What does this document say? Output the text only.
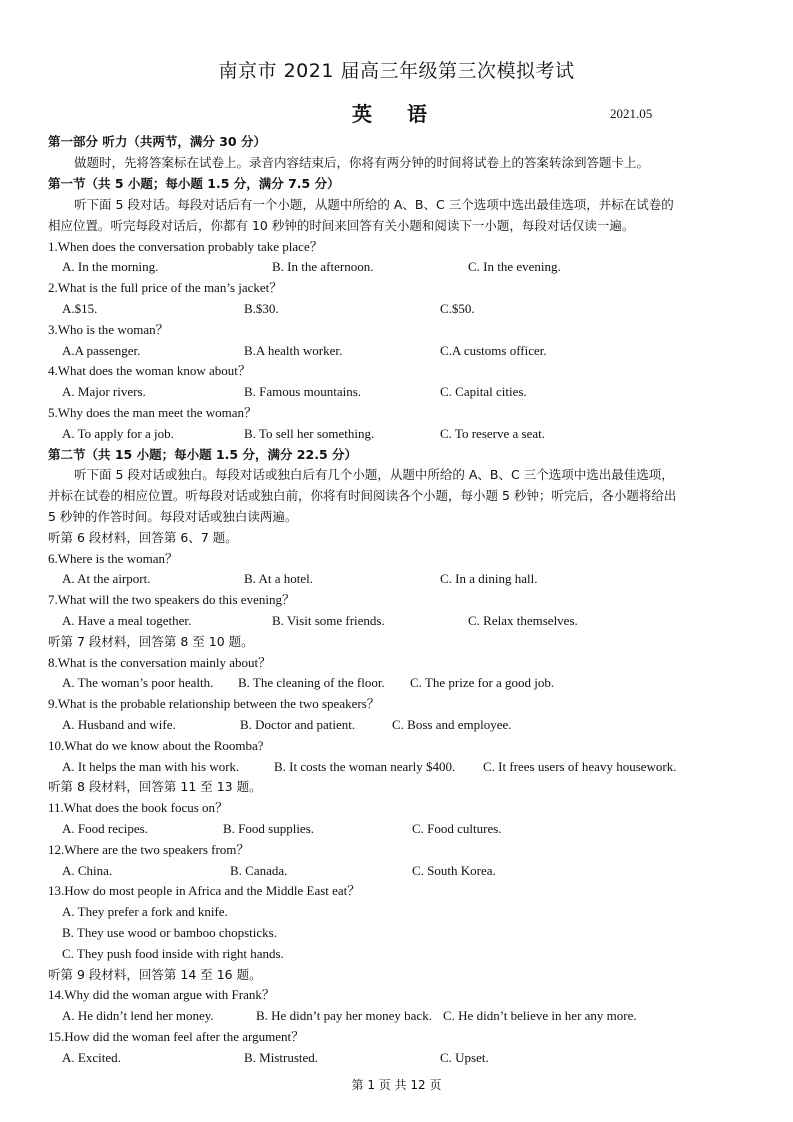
南京市 2021 届高三年级第三次模拟考试
英 语	2021.05
第一部分 听力（共两节，满分 30 分）
做题时，先将答案标在试卷上。录音内容结束后，你将有两分钟的时间将试卷上的答案转涂到答题卡上。
第一节（共 5 小题；每小题 1.5 分，满分 7.5 分）
听下面 5 段对话。每段对话后有一个小题，从题中所给的 A、B、C 三个选项中选出最佳选项，并标在试卷的
相应位置。听完每段对话后，你都有 10 秒钟的时间来回答有关小题和阅读下一小题，每段对话仅读一遍。
1.When does the conversation probably take place？
A. In the morning.	B. In the afternoon.	C. In the evening.
2.What is the full price of the man’s jacket？
A.$15.	B.$30.	C.$50.
3.Who is the woman？
A.A passenger.	B.A health worker.	C.A customs officer.
4.What does the woman know about？
A. Major rivers.	B. Famous mountains.	C. Capital cities.
5.Why does the man meet the woman？
A. To apply for a job.	B. To sell her something.	C. To reserve a seat.
第二节（共 15 小题；每小题 1.5 分，满分 22.5 分）
听下面 5 段对话或独白。每段对话或独白后有几个小题，从题中所给的 A、B、C 三个选项中选出最佳选项，
并标在试卷的相应位置。听每段对话或独白前，你将有时间阅读各个小题，每小题 5 秒钟；听完后，各小题将给出
5 秒钟的作答时间。每段对话或独白读两遍。
听第 6 段材料，回答第 6、7 题。
6.Where is the woman？
A. At the airport.	B. At a hotel.	C. In a dining hall.
7.What will the two speakers do this evening？
A. Have a meal together.	B. Visit some friends.	C. Relax themselves.
听第 7 段材料，回答第 8 至 10 题。
8.What is the conversation mainly about？
A. The woman’s poor health. B. The cleaning of the floor. C. The prize for a good job.
9.What is the probable relationship between the two speakers？
A. Husband and wife.	B. Doctor and patient.	C. Boss and employee.
10.What do we know about the Roomba?
A. It helps the man with his work.	B. It costs the woman nearly $400. C. It frees users of heavy housework.
听第 8 段材料，回答第 11 至 13 题。
11.What does the book focus on？
A. Food recipes.	B. Food supplies.	C. Food cultures.
12.Where are the two speakers from？
A. China.	B. Canada.	C. South Korea.
13.How do most people in Africa and the Middle East eat？
A. They prefer a fork and knife.
B. They use wood or bamboo chopsticks.
C. They push food inside with right hands.
听第 9 段材料，回答第 14 至 16 题。
14.Why did the woman argue with Frank？
A. He didn’t lend her money.	B. He didn’t pay her money back. C. He didn’t believe in her any more.
15.How did the woman feel after the argument？
A. Excited.	B. Mistrusted.	C. Upset.
第 1 页 共 12 页
